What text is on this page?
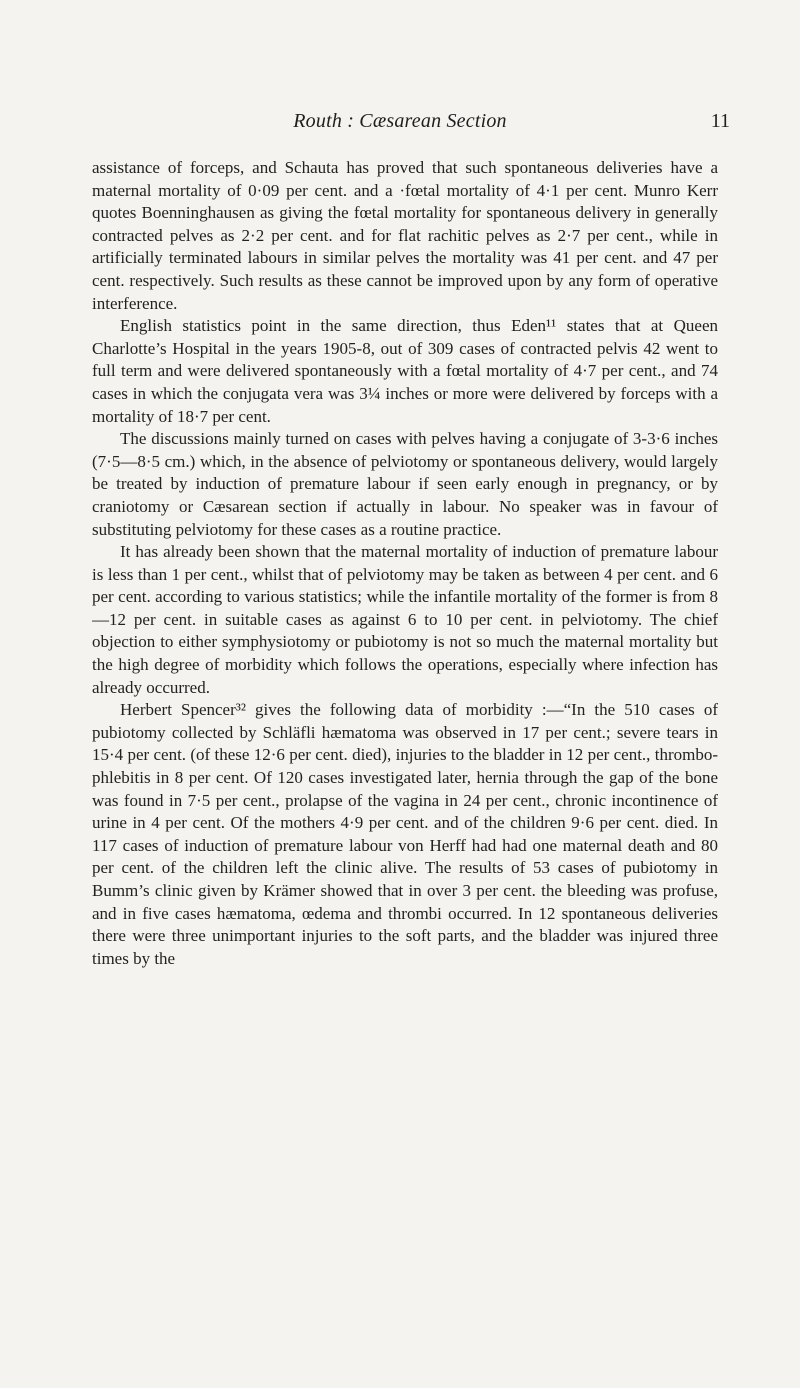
Routh : Cæsarean Section	11

assistance of forceps, and Schauta has proved that such spontaneous deliveries have a maternal mortality of 0·09 per cent. and a ·fœtal mortality of 4·1 per cent. Munro Kerr quotes Boenninghausen as giving the fœtal mortality for spontaneous delivery in generally contracted pelves as 2·2 per cent. and for flat rachitic pelves as 2·7 per cent., while in artificially terminated labours in similar pelves the mortality was 41 per cent. and 47 per cent. respectively. Such results as these cannot be improved upon by any form of operative interference.

English statistics point in the same direction, thus Eden¹¹ states that at Queen Charlotte’s Hospital in the years 1905-8, out of 309 cases of contracted pelvis 42 went to full term and were delivered spontaneously with a fœtal mortality of 4·7 per cent., and 74 cases in which the conjugata vera was 3¼ inches or more were delivered by forceps with a mortality of 18·7 per cent.

The discussions mainly turned on cases with pelves having a conjugate of 3-3·6 inches (7·5—8·5 cm.) which, in the absence of pelviotomy or spontaneous delivery, would largely be treated by induction of premature labour if seen early enough in pregnancy, or by craniotomy or Cæsarean section if actually in labour. No speaker was in favour of substituting pelviotomy for these cases as a routine practice.

It has already been shown that the maternal mortality of induction of premature labour is less than 1 per cent., whilst that of pelviotomy may be taken as between 4 per cent. and 6 per cent. according to various statistics; while the infantile mortality of the former is from 8—12 per cent. in suitable cases as against 6 to 10 per cent. in pelviotomy. The chief objection to either symphysiotomy or pubiotomy is not so much the maternal mortality but the high degree of morbidity which follows the operations, especially where infection has already occurred.

Herbert Spencer³² gives the following data of morbidity :—“In the 510 cases of pubiotomy collected by Schläfli hæmatoma was observed in 17 per cent.; severe tears in 15·4 per cent. (of these 12·6 per cent. died), injuries to the bladder in 12 per cent., thrombo-phlebitis in 8 per cent. Of 120 cases investigated later, hernia through the gap of the bone was found in 7·5 per cent., prolapse of the vagina in 24 per cent., chronic incontinence of urine in 4 per cent. Of the mothers 4·9 per cent. and of the children 9·6 per cent. died. In 117 cases of induction of premature labour von Herff had had one maternal death and 80 per cent. of the children left the clinic alive. The results of 53 cases of pubiotomy in Bumm’s clinic given by Krämer showed that in over 3 per cent. the bleeding was profuse, and in five cases hæmatoma, œdema and thrombi occurred. In 12 spontaneous deliveries there were three unimportant injuries to the soft parts, and the bladder was injured three times by the
